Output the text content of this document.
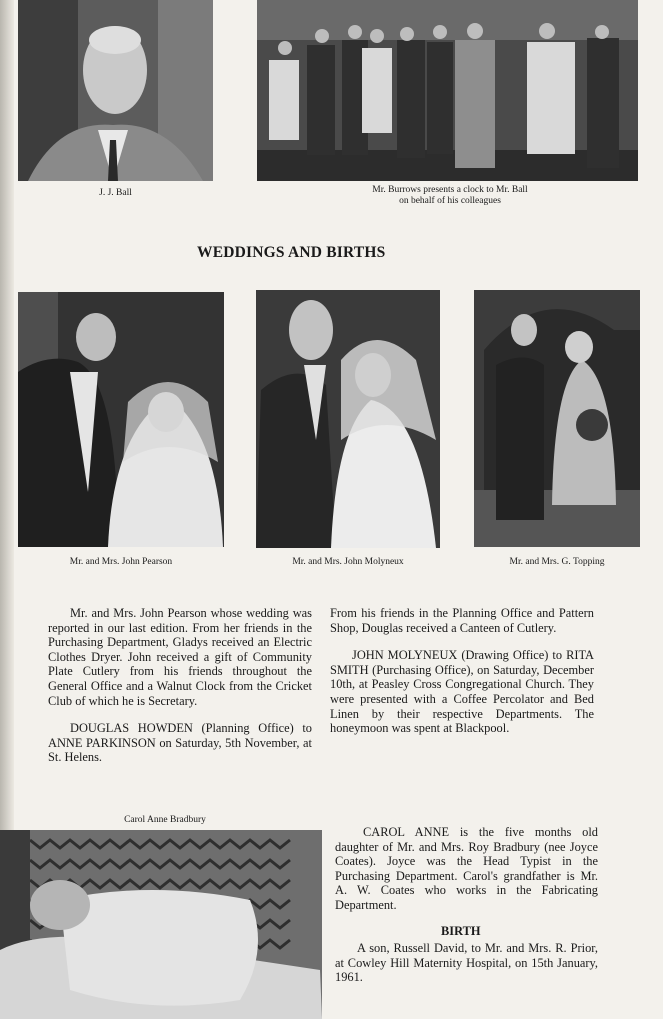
J. J. Ball	Mr. Burrows presents a clock to Mr. Ball
on behalf of his colleagues
WEDDINGS AND BIRTHS
Mr. and Mrs. John Pearson	Mr. and Mrs. John Molyneux	Mr. and Mrs. G. Topping

Mr. and Mrs. John Pearson whose wedding was reported in our last edition. From her friends in the Purchasing Department, Gladys received an Electric Clothes Dryer. John received a gift of Community Plate Cutlery from his friends throughout the General Office and a Walnut Clock from the Cricket Club of which he is Secretary.

DOUGLAS HOWDEN (Planning Office) to ANNE PARKINSON on Saturday, 5th November, at St. Helens.

From his friends in the Planning Office and Pattern Shop, Douglas received a Canteen of Cutlery.

JOHN MOLYNEUX (Drawing Office) to RITA SMITH (Purchasing Office), on Saturday, December 10th, at Peasley Cross Congregational Church. They were presented with a Coffee Percolator and Bed Linen by their respective Departments. The honeymoon was spent at Blackpool.

Carol Anne Bradbury

CAROL ANNE is the five months old daughter of Mr. and Mrs. Roy Bradbury (nee Joyce Coates). Joyce was the Head Typist in the Purchasing Department. Carol's grandfather is Mr. A. W. Coates who works in the Fabricating Department.

BIRTH

A son, Russell David, to Mr. and Mrs. R. Prior, at Cowley Hill Maternity Hospital, on 15th January, 1961.
